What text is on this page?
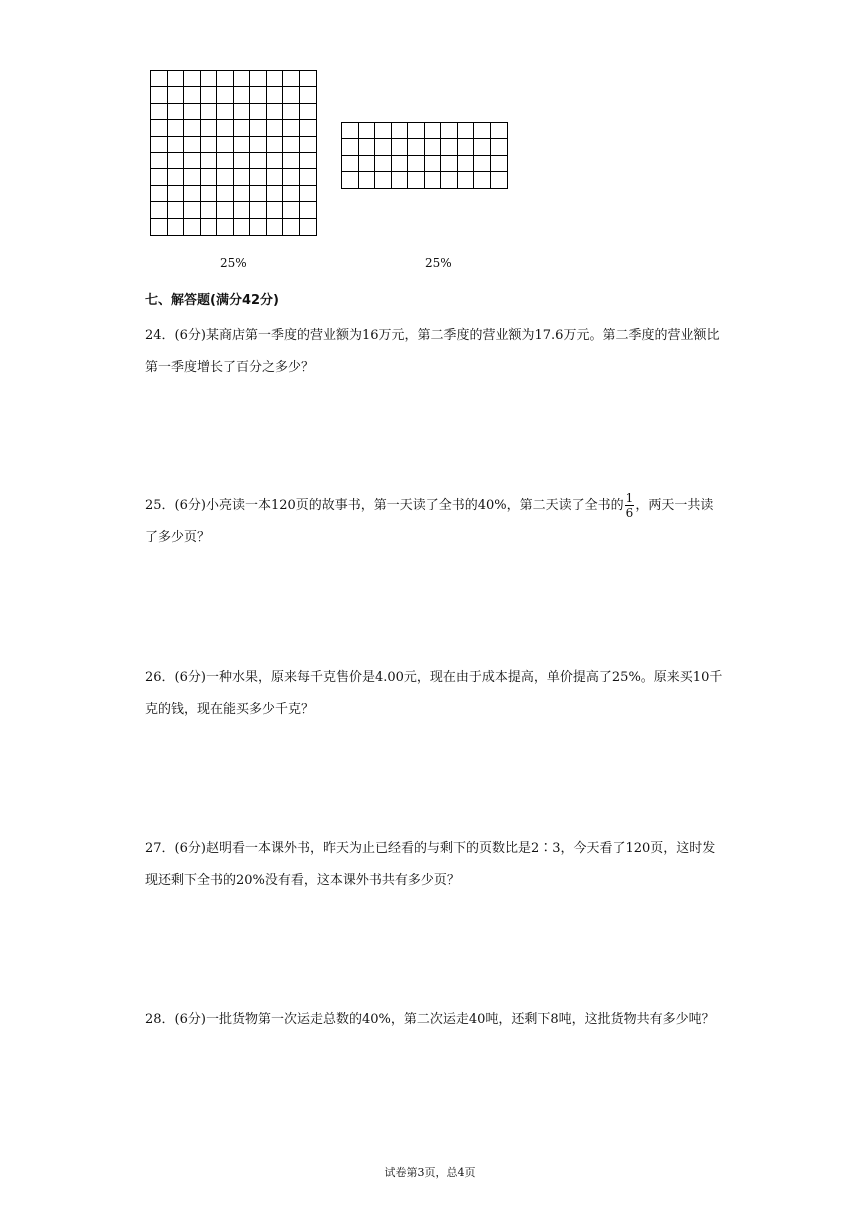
25%	25%
七、解答题(满分42分)
24．(6分)某商店第一季度的营业额为16万元，第二季度的营业额为17.6万元。第二季度的营业额比第一季度增长了百分之多少？
25．(6分)小亮读一本120页的故事书，第一天读了全书的40%，第二天读了全书的 $\frac{1}{6}$ ，两天一共读了多少页？
26．(6分)一种水果，原来每千克售价是4.00元，现在由于成本提高，单价提高了25%。原来买10千克的钱，现在能买多少千克？
27．(6分)赵明看一本课外书，昨天为止已经看的与剩下的页数比是2∶3，今天看了120页，这时发现还剩下全书的20%没有看，这本课外书共有多少页？
28．(6分)一批货物第一次运走总数的40%，第二次运走40吨，还剩下8吨，这批货物共有多少吨？
试卷第3页，总4页
